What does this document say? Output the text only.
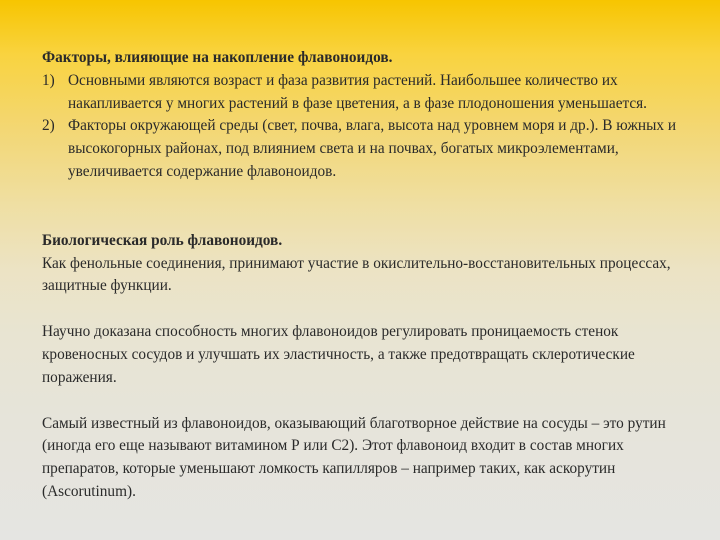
Факторы, влияющие на накопление флавоноидов.

1) Основными являются возраст и фаза развития растений. Наибольшее количество их накапливается у многих растений в фазе цветения, а в фазе плодоношения уменьшается.
2) Факторы окружающей среды (свет, почва, влага, высота над уровнем моря и др.). В южных и высокогорных районах, под влиянием света и на почвах, богатых микроэлементами, увеличивается содержание флавоноидов.

Биологическая роль флавоноидов.

Как фенольные соединения, принимают участие в окислительно-восстановительных процессах, защитные функции.

Научно доказана способность многих флавоноидов регулировать проницаемость стенок кровеносных сосудов и улучшать их эластичность, а также предотвращать склеротические поражения.

Самый известный из флавоноидов, оказывающий благотворное действие на сосуды – это рутин (иногда его еще называют витамином Р или С2). Этот флавоноид входит в состав многих препаратов, которые уменьшают ломкость капилляров – например таких, как аскорутин (Ascorutinum).
